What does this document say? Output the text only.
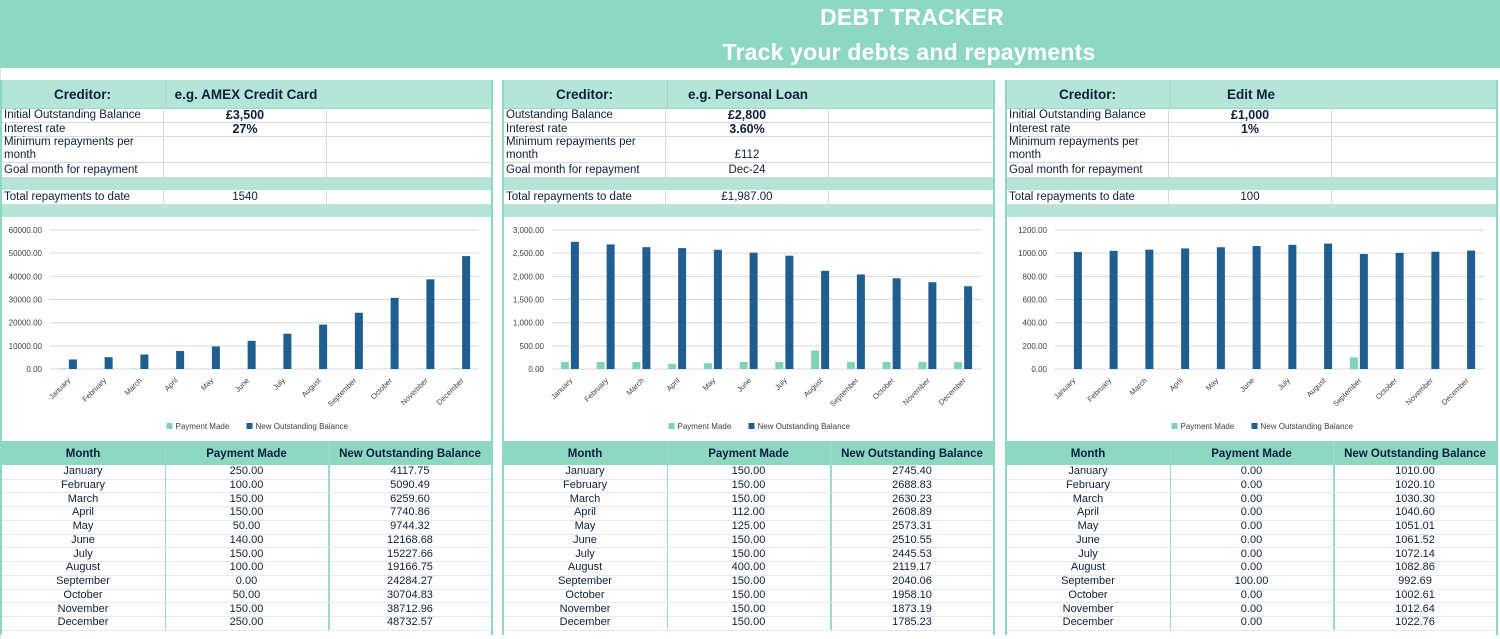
DEBT TRACKER
Track your debts and repayments
Creditor:	e.g. AMEX Credit Card
Initial Outstanding Balance	£3,500
Interest rate	27%
Minimum repayments per month
Goal month for repayment
Total repayments to date	1540
0.00
10000.00
20000.00
30000.00
40000.00
50000.00
60000.00
January February March	April	May June	July August September October November December
Payment Made	New Outstanding Balance
Month	Payment Made	New Outstanding Balance
January	250.00	4117.75
February	100.00	5090.49
March	150.00	6259.60
April	150.00	7740.86
May	50.00	9744.32
June	140.00	12168.68
July	150.00	15227.66
August	100.00	19166.75
September	0.00	24284.27
October	50.00	30704.83
November	150.00	38712.96
December	250.00	48732.57
Creditor:	e.g. Personal Loan
Outstanding Balance	£2,800
Interest rate	3.60%
Minimum repayments per month	£112
Goal month for repayment	Dec-24
Total repayments to date	£1,987.00
0.00
500.00
1,000.00
1,500.00
2,000.00
2,500.00
3,000.00
January February March	April	May June	July August September October November December
Payment Made	New Outstanding Balance
Month	Payment Made	New Outstanding Balance
January	150.00	2745.40
February	150.00	2688.83
March	150.00	2630.23
April	112.00	2608.89
May	125.00	2573.31
June	150.00	2510.55
July	150.00	2445.53
August	400.00	2119.17
September	150.00	2040.06
October	150.00	1958.10
November	150.00	1873.19
December	150.00	1785.23
Creditor:	Edit Me
Initial Outstanding Balance	£1,000
Interest rate	1%
Minimum repayments per month
Goal month for repayment
Total repayments to date	100
0.00
200.00
400.00
600.00
800.00
1000.00
1200.00
January February March	April	May June	July August September October November December
Payment Made	New Outstanding Balance
Month	Payment Made	New Outstanding Balance
January	0.00	1010.00
February	0.00	1020.10
March	0.00	1030.30
April	0.00	1040.60
May	0.00	1051.01
June	0.00	1061.52
July	0.00	1072.14
August	0.00	1082.86
September	100.00	992.69
October	0.00	1002.61
November	0.00	1012.64
December	0.00	1022.76
